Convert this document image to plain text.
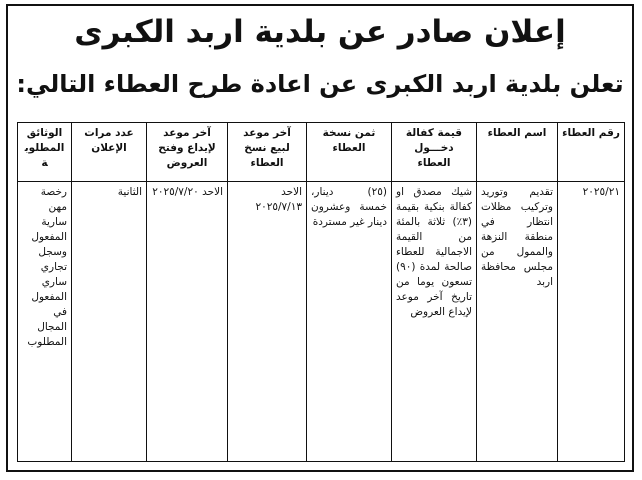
إعلان صادر عن بلدية اربد الكبرى
تعلن بلدية اربد الكبرى عن اعادة طرح العطاء التالي:
رقم العطاء	اسم العطاء	قيمة كفالة دخـــول العطاء	ثمن نسخة العطاء	آخر موعد لبيع نسخ العطاء	آخر موعد لإيداع وفتح العروض	عدد مرات الإعلان	الوثائق المطلوبة
٢٠٢٥/٢١	تقديم وتوريد وتركيب مظلات انتظار في منطقة النزهة والممول من مجلس محافظة اربد	شيك مصدق او كفالة بنكية بقيمة (٣٪) ثلاثة بالمئة من القيمة الاجمالية للعطاء صالحة لمدة (٩٠) تسعون يوما من تاريخ آخر موعد لإيداع العروض	(٢٥) دينار، خمسة وعشرون دينار غير مستردة	الاحد ٢٠٢٥/٧/١٣	الاحد ٢٠٢٥/٧/٢٠	الثانية	رخصة مهن سارية المفعول وسجل تجاري ساري المفعول في المجال المطلوب
